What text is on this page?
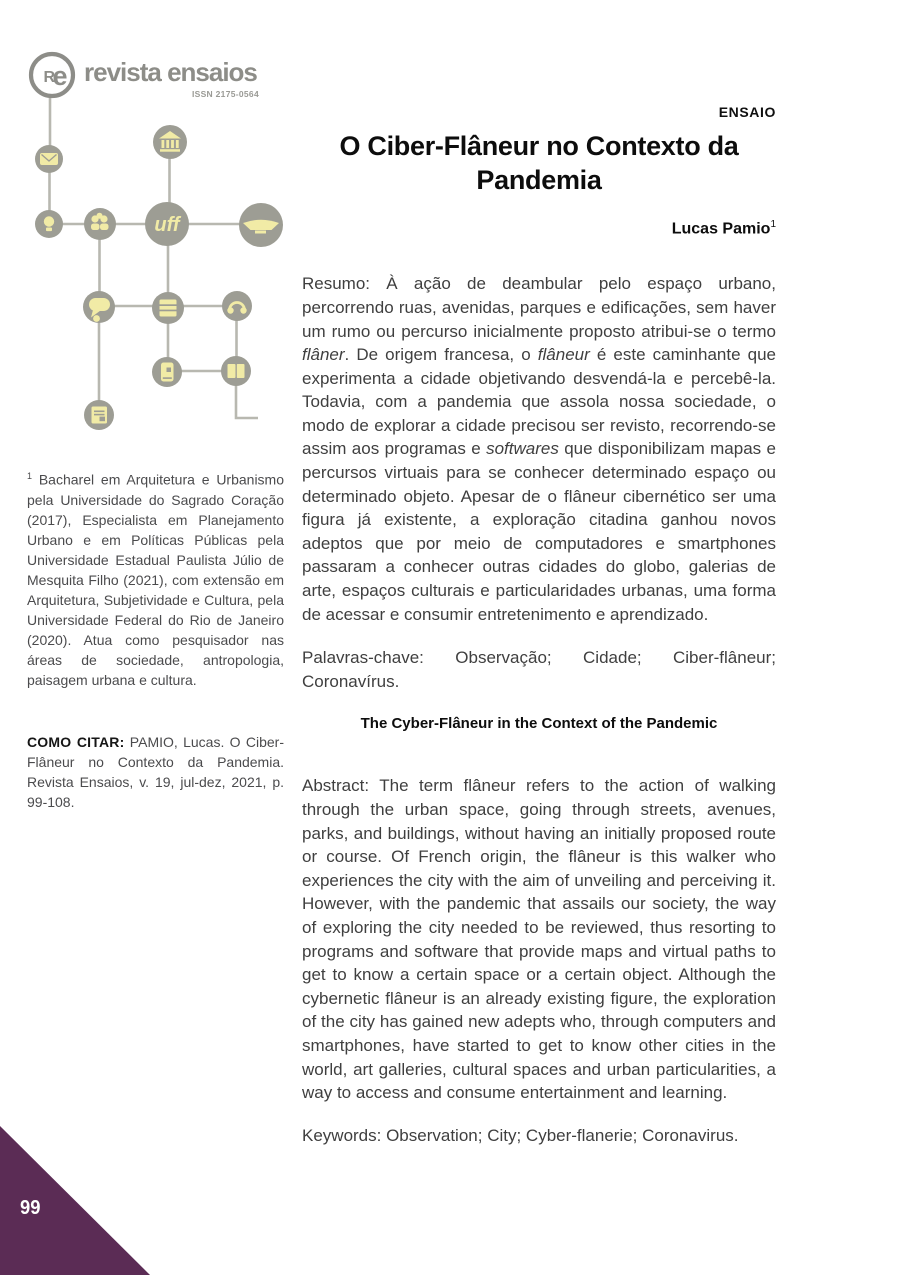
R
e
uff
revista ensaios
ISSN 2175-0564

$^1$ Bacharel em Arquitetura e Urbanismo pela Universidade do Sagrado Coração (2017), Especialista em Planejamento Urbano e em Políticas Públicas pela Universidade Estadual Paulista Júlio de Mesquita Filho (2021), com extensão em Arquitetura, Subjetividade e Cultura, pela Universidade Federal do Rio de Janeiro (2020). Atua como pesquisador nas áreas de sociedade, antropologia, paisagem urbana e cultura.

COMO CITAR: PAMIO, Lucas. O Ciber-Flâneur no Contexto da Pandemia. Revista Ensaios, v. 19, jul-dez, 2021, p. 99-108.

ENSAIO

O Ciber-Flâneur no Contexto da Pandemia

Lucas Pamio$^1$

Resumo: À ação de deambular pelo espaço urbano, percorrendo ruas, avenidas, parques e edificações, sem haver um rumo ou percurso inicialmente proposto atribui-se o termo flâner. De origem francesa, o flâneur é este caminhante que experimenta a cidade objetivando desvendá-la e percebê-la. Todavia, com a pandemia que assola nossa sociedade, o modo de explorar a cidade precisou ser revisto, recorrendo-se assim aos programas e softwares que disponibilizam mapas e percursos virtuais para se conhecer determinado espaço ou determinado objeto. Apesar de o flâneur cibernético ser uma figura já existente, a exploração citadina ganhou novos adeptos que por meio de computadores e smartphones passaram a conhecer outras cidades do globo, galerias de arte, espaços culturais e particularidades urbanas, uma forma de acessar e consumir entretenimento e aprendizado.

Palavras-chave: Observação; Cidade; Ciber-flâneur; Coronavírus.

The Cyber-Flâneur in the Context of the Pandemic

Abstract: The term flâneur refers to the action of walking through the urban space, going through streets, avenues, parks, and buildings, without having an initially proposed route or course. Of French origin, the flâneur is this walker who experiences the city with the aim of unveiling and perceiving it. However, with the pandemic that assails our society, the way of exploring the city needed to be reviewed, thus resorting to programs and software that provide maps and virtual paths to get to know a certain space or a certain object. Although the cybernetic flâneur is an already existing figure, the exploration of the city has gained new adepts who, through computers and smartphones, have started to get to know other cities in the world, art galleries, cultural spaces and urban particularities, a way to access and consume entertainment and learning.

Keywords: Observation; City; Cyber-flanerie; Coronavirus.

99
